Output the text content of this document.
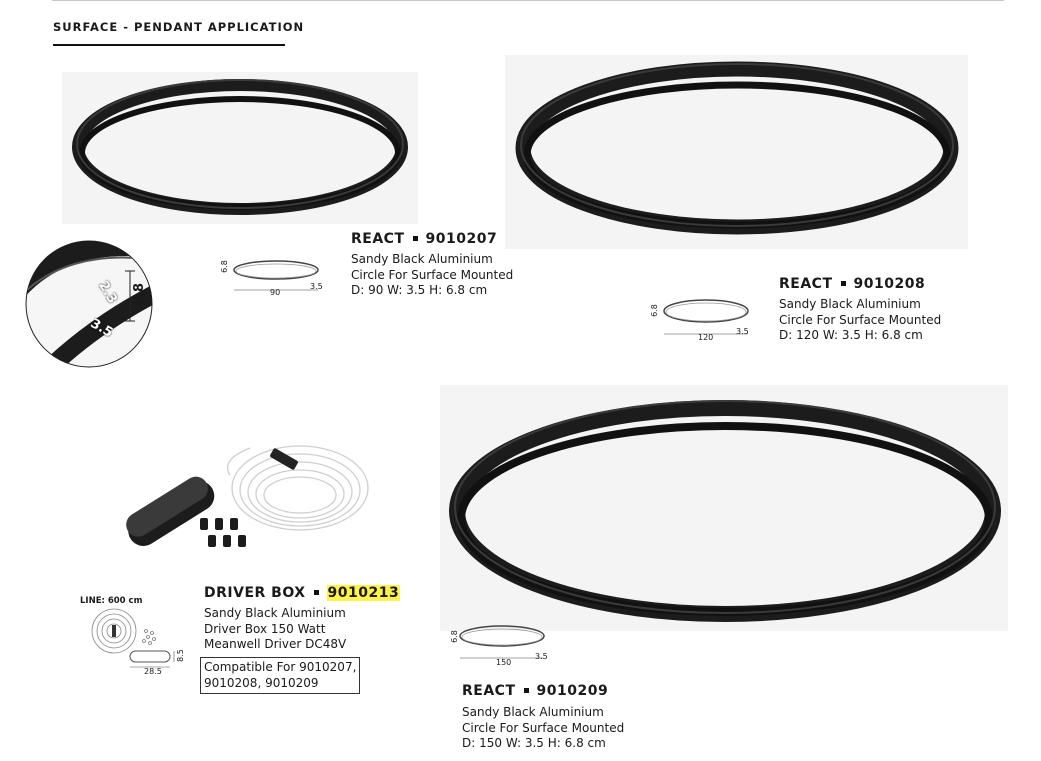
SURFACE - PENDANT APPLICATION
6.8
2.3
3.5
6.8
90
3.5
REACT 9010207
Sandy Black Aluminium
Circle For Surface Mounted
D: 90 W: 3.5 H: 6.8 cm
6.8
120
3.5
REACT 9010208
Sandy Black Aluminium
Circle For Surface Mounted
D: 120 W: 3.5 H: 6.8 cm
LINE: 600 cm
28.5
8.5
DRIVER BOX 9010213
Sandy Black Aluminium
Driver Box 150 Watt
Meanwell Driver DC48V
Compatible For 9010207,
9010208, 9010209
6.8
150
3.5
REACT 9010209
Sandy Black Aluminium
Circle For Surface Mounted
D: 150 W: 3.5 H: 6.8 cm
